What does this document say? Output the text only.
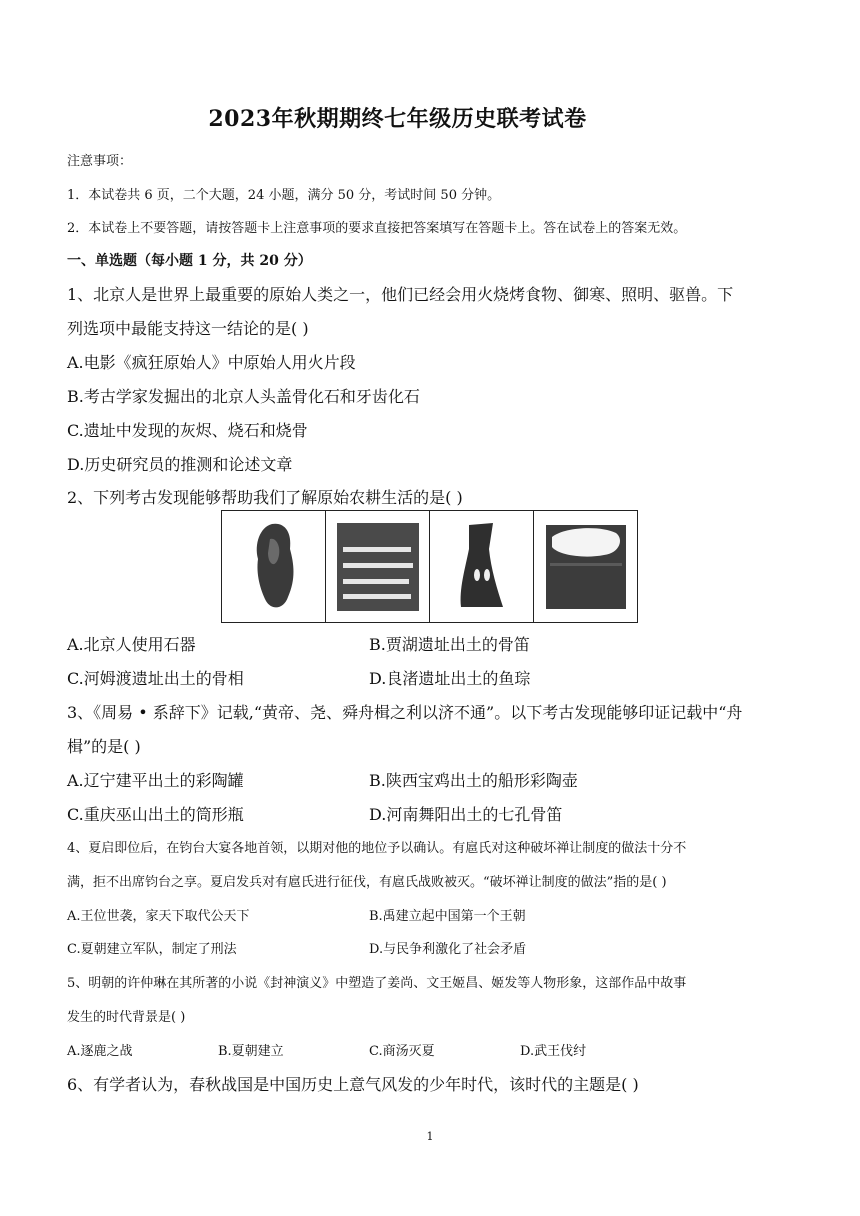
2023年秋期期终七年级历史联考试卷
注意事项：
1．本试卷共 6 页，二个大题，24 小题，满分 50 分，考试时间 50 分钟。
2．本试卷上不要答题，请按答题卡上注意事项的要求直接把答案填写在答题卡上。答在试卷上的答案无效。
一、单选题（每小题 1 分，共 20 分）
1、北京人是世界上最重要的原始人类之一，他们已经会用火烧烤食物、御寒、照明、驱兽。下
列选项中最能支持这一结论的是( )
A.电影《疯狂原始人》中原始人用火片段
B.考古学家发掘出的北京人头盖骨化石和牙齿化石
C.遗址中发现的灰烬、烧石和烧骨
D.历史研究员的推测和论述文章
2、下列考古发现能够帮助我们了解原始农耕生活的是( )
A.北京人使用石器	B.贾湖遗址出土的骨笛
C.河姆渡遗址出土的骨相	D.良渚遗址出土的鱼琮
3、《周易 • 系辞下》记载,“黄帝、尧、舜舟楫之利以济不通”。以下考古发现能够印证记载中“舟
楫”的是( )
A.辽宁建平出土的彩陶罐	B.陕西宝鸡出土的船形彩陶壶
C.重庆巫山出土的筒形瓶	D.河南舞阳出土的七孔骨笛
4、夏启即位后，在钧台大宴各地首领，以期对他的地位予以确认。有扈氏对这种破坏禅让制度的做法十分不
满，拒不出席钧台之享。夏启发兵对有扈氏进行征伐，有扈氏战败被灭。“破坏禅让制度的做法”指的是( )
A.王位世袭，家天下取代公天下	B.禹建立起中国第一个王朝
C.夏朝建立军队，制定了刑法	D.与民争利激化了社会矛盾
5、明朝的许仲琳在其所著的小说《封神演义》中塑造了姜尚、文王姬昌、姬发等人物形象，这部作品中故事
发生的时代背景是( )
A.逐鹿之战	B.夏朝建立	C.商汤灭夏	D.武王伐纣
6、有学者认为，春秋战国是中国历史上意气风发的少年时代，该时代的主题是( )
1
